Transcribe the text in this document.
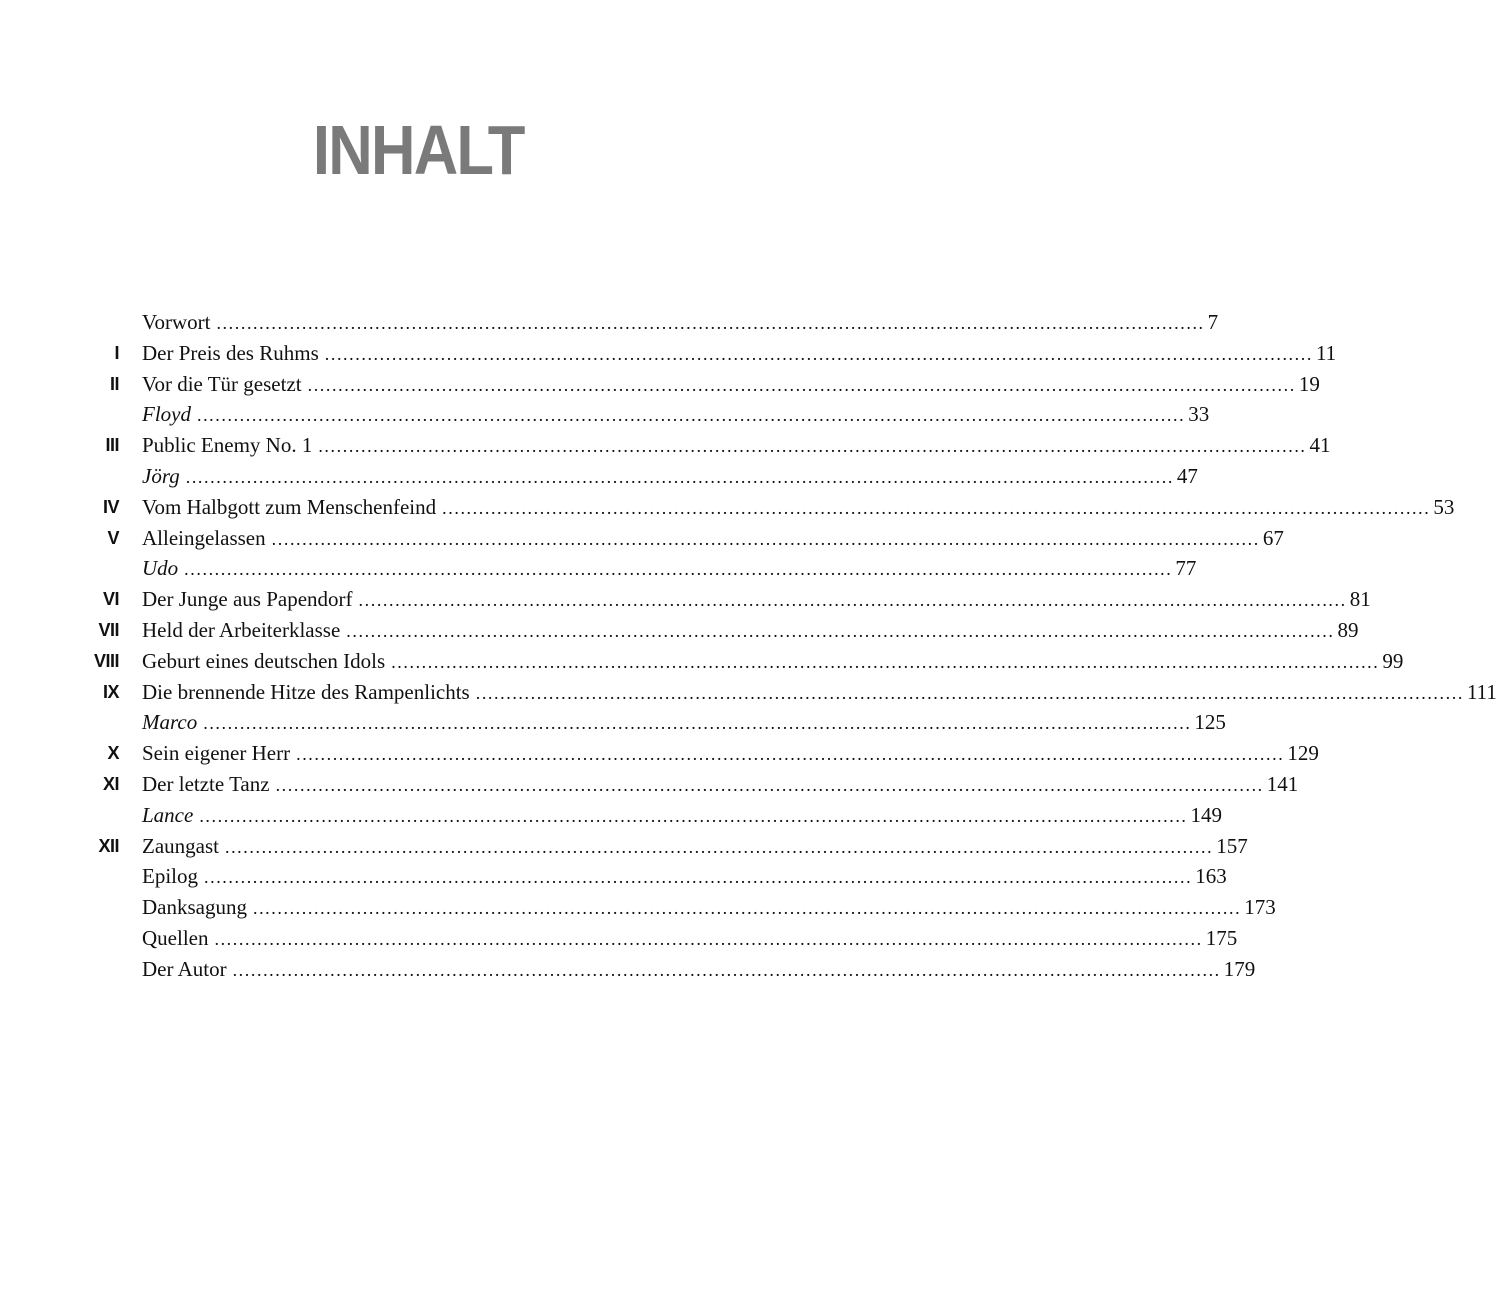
INHALT
Vorwort .................................................................................................................................................................. 7
I Der Preis des Ruhms .................................................................................................................................................................. 11
II Vor die Tür gesetzt .................................................................................................................................................................. 19
Floyd .................................................................................................................................................................. 33
III Public Enemy No. 1 .................................................................................................................................................................. 41
Jörg .................................................................................................................................................................. 47
IV Vom Halbgott zum Menschenfeind .................................................................................................................................................................. 53
V Alleingelassen .................................................................................................................................................................. 67
Udo .................................................................................................................................................................. 77
VI Der Junge aus Papendorf .................................................................................................................................................................. 81
VII Held der Arbeiterklasse .................................................................................................................................................................. 89
VIII Geburt eines deutschen Idols .................................................................................................................................................................. 99
IX Die brennende Hitze des Rampenlichts .................................................................................................................................................................. 111
Marco .................................................................................................................................................................. 125
X Sein eigener Herr .................................................................................................................................................................. 129
XI Der letzte Tanz .................................................................................................................................................................. 141
Lance .................................................................................................................................................................. 149
XII Zaungast .................................................................................................................................................................. 157
Epilog .................................................................................................................................................................. 163
Danksagung .................................................................................................................................................................. 173
Quellen .................................................................................................................................................................. 175
Der Autor .................................................................................................................................................................. 179
